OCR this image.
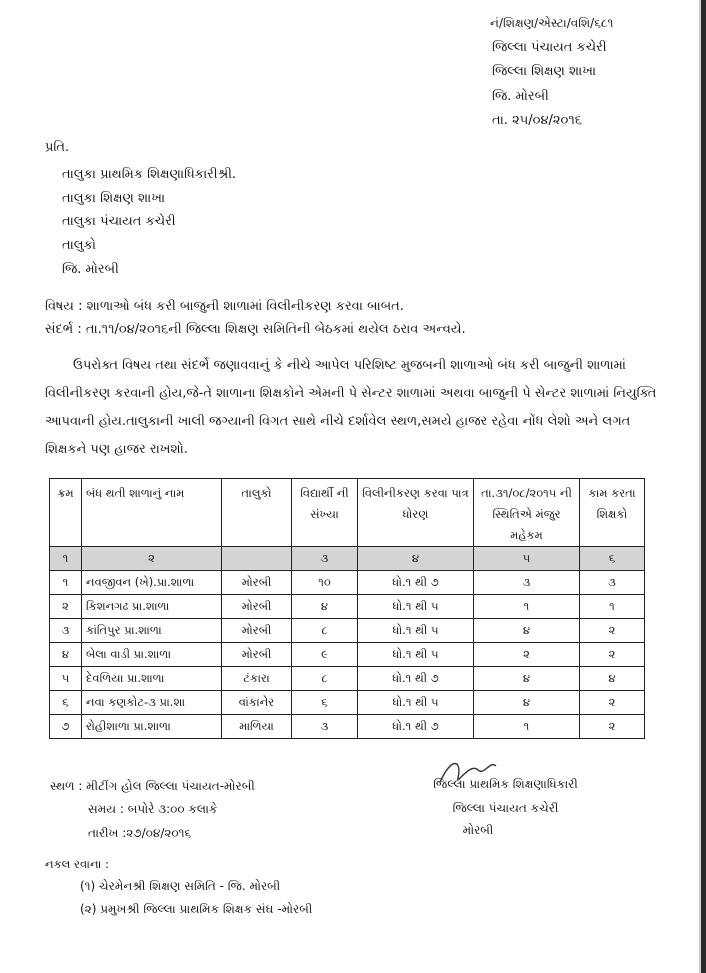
નં/શિક્ષણ/એસ્ટા/વશિ/૬૮૧
જિલ્લા પંચાયત કચેરી
જિલ્લા શિક્ષણ શાખા
જિ. મોરબી
તા. ૨૫/૦૪/૨૦૧૬
પ્રતિ.
તાલુકા પ્રાથમિક શિક્ષણાધિકારીશ્રી.
તાલુકા શિક્ષણ શાખા
તાલુકા પંચાયત કચેરી
તાલુકો
જિ. મોરબી
વિષય : શાળાઓ બંધ કરી બાજુની શાળામાં વિલીનીકરણ કરવા બાબત.
સંદર્ભ : તા.૧૧/૦૪/૨૦૧૬ની જિલ્લા શિક્ષણ સમિતિની બેઠકમાં થયેલ ઠરાવ અન્વયે.
ઉપરોક્ત વિષય તથા સંદર્ભે જણાવવાનું કે નીચે આપેલ પરિશિષ્ટ મુજબની શાળાઓ બંધ કરી બાજુની શાળામાં વિલીનીકરણ કરવાની હોય,જે-તે શાળાના શિક્ષકોને એમની પે સેન્ટર શાળામાં અથવા બાજુની પે સેન્ટર શાળામાં નિયુક્તિ આપવાની હોય.તાલુકાની ખાલી જગ્યાની વિગત સાથે નીચે દર્શાવેલ સ્થળ,સમયે હાજર રહેવા નોંધ લેશો અને લગત શિક્ષકને પણ હાજર રાખશો.
ક્રમ	બંધ થતી શાળાનું નામ	તાલુકો	વિદ્યાર્થી ની સંખ્યા	વિલીનીકરણ કરવા પાત્ર ધોરણ	તા.૩૧/૦૮/૨૦૧૫ ની સ્થિતિએ મંજુર મહેકમ	કામ કરતા શિક્ષકો
૧	૨		૩	૪	૫	૬
૧	નવજીવન (ખે).પ્રા.શાળા	મોરબી	૧૦	ધો.૧ થી ૭	૩	૩
૨	કિશનગઢ પ્રા.શાળા	મોરબી	૪	ધો.૧ થી ૫	૧	૧
૩	કાંતિપુર પ્રા.શાળા	મોરબી	૮	ધો.૧ થી ૫	૪	૨
૪	બેલા વાડી પ્રા.શાળા	મોરબી	૯	ધો.૧ થી ૫	૨	૨
૫	દેવળિયા પ્રા.શાળા	ટંકારા	૮	ધો.૧ થી ૭	૪	૪
૬	નવા કણકોટ-૩ પ્રા.શા	વાંકાનેર	૬	ધો.૧ થી ૫	૪	૨
૭	રોહીશાળા પ્રા.શાળા	માળિયા	૩	ધો.૧ થી ૭	૧	૨
સ્થળ : મીટીંગ હોલ જિલ્લા પંચાયત-મોરબી
સમય : બપોરે ૩:૦૦ કલાકે
તારીખ :૨૭/૦૪/૨૦૧૬
જિલ્લા પ્રાથમિક શિક્ષણાધિકારી
જિલ્લા પંચાયત કચેરી
મોરબી
નકલ રવાના :
(૧) ચેરમેનશ્રી શિક્ષણ સમિતિ - જિ. મોરબી
(૨) પ્રમુખશ્રી જિલ્લા પ્રાથમિક શિક્ષક સંઘ -મોરબી
